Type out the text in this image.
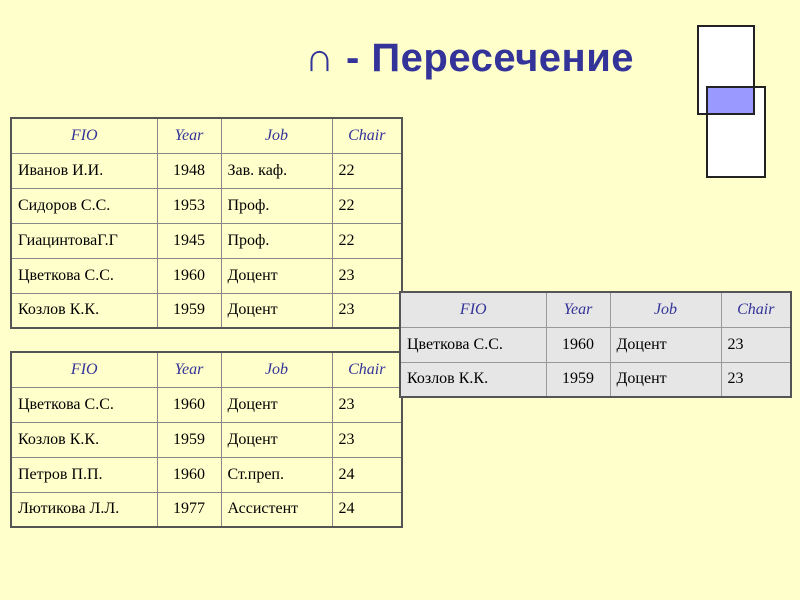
∩ - Пересечение
FIO	Year	Job	Chair
Иванов И.И.	1948	Зав. каф.	22
Сидоров С.С.	1953	Проф.	22
ГиацинтоваГ.Г	1945	Проф.	22
Цветкова С.С.	1960	Доцент	23
Козлов К.К.	1959	Доцент	23
FIO	Year	Job	Chair
Цветкова С.С.	1960	Доцент	23
Козлов К.К.	1959	Доцент	23
Петров П.П.	1960	Ст.преп.	24
Лютикова Л.Л.	1977	Ассистент	24
FIO	Year	Job	Chair
Цветкова С.С.	1960	Доцент	23
Козлов К.К.	1959	Доцент	23
